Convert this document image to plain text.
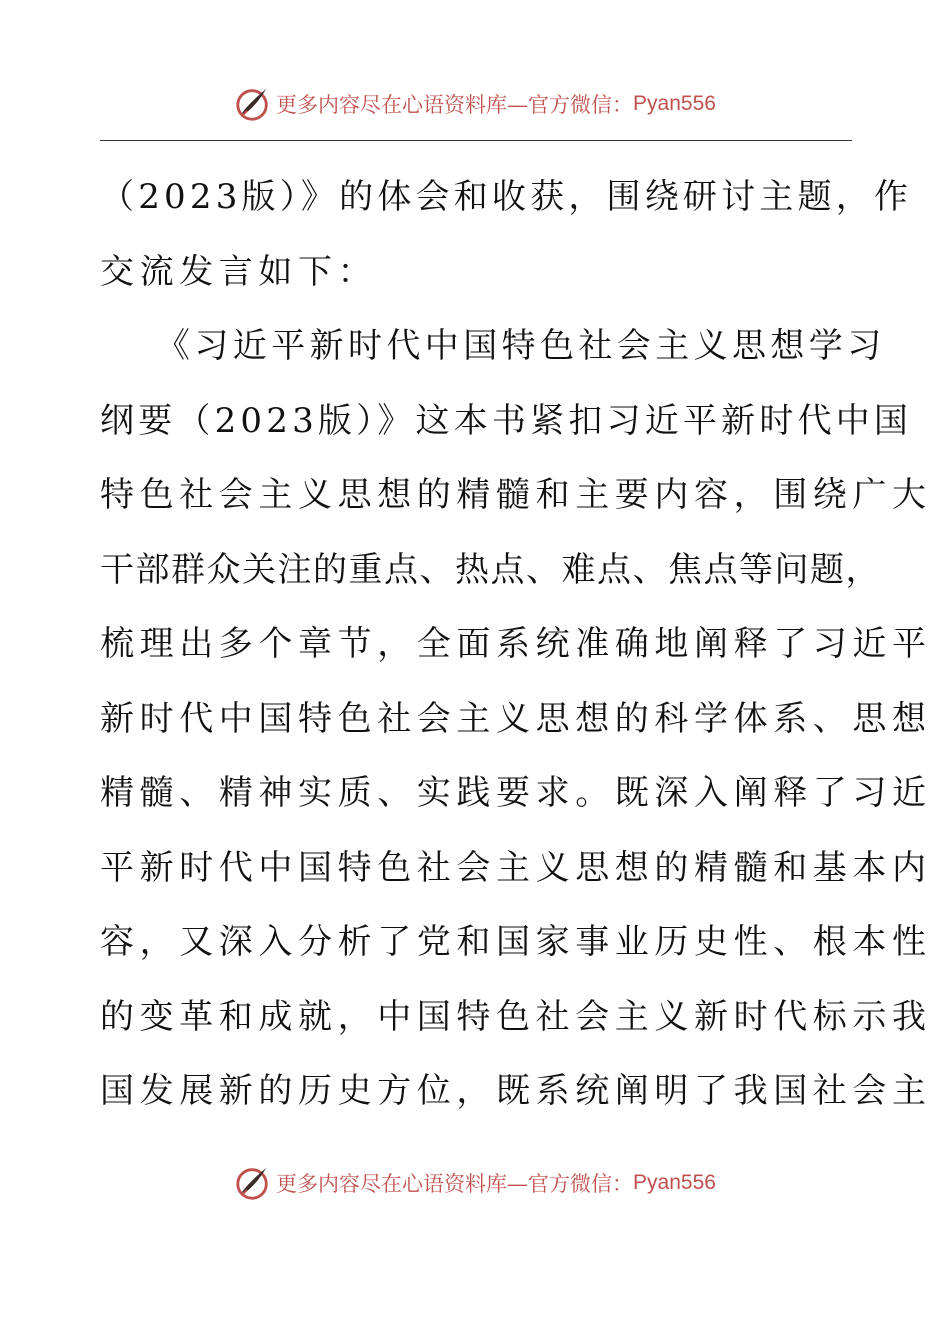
更多内容尽在心语资料库—官方微信： Pyan556
（2023版）》的体会和收获，围绕研讨主题，作
交流发言如下：
《习近平新时代中国特色社会主义思想学习
纲要（2023版）》这本书紧扣习近平新时代中国
特色社会主义思想的精髓和主要内容，围绕广大
干部群众关注的重点、热点、难点、焦点等问题，
梳理出多个章节，全面系统准确地阐释了习近平
新时代中国特色社会主义思想的科学体系、思想
精髓、精神实质、实践要求。既深入阐释了习近
平新时代中国特色社会主义思想的精髓和基本内
容，又深入分析了党和国家事业历史性、根本性
的变革和成就，中国特色社会主义新时代标示我
国发展新的历史方位，既系统阐明了我国社会主
更多内容尽在心语资料库—官方微信： Pyan556
